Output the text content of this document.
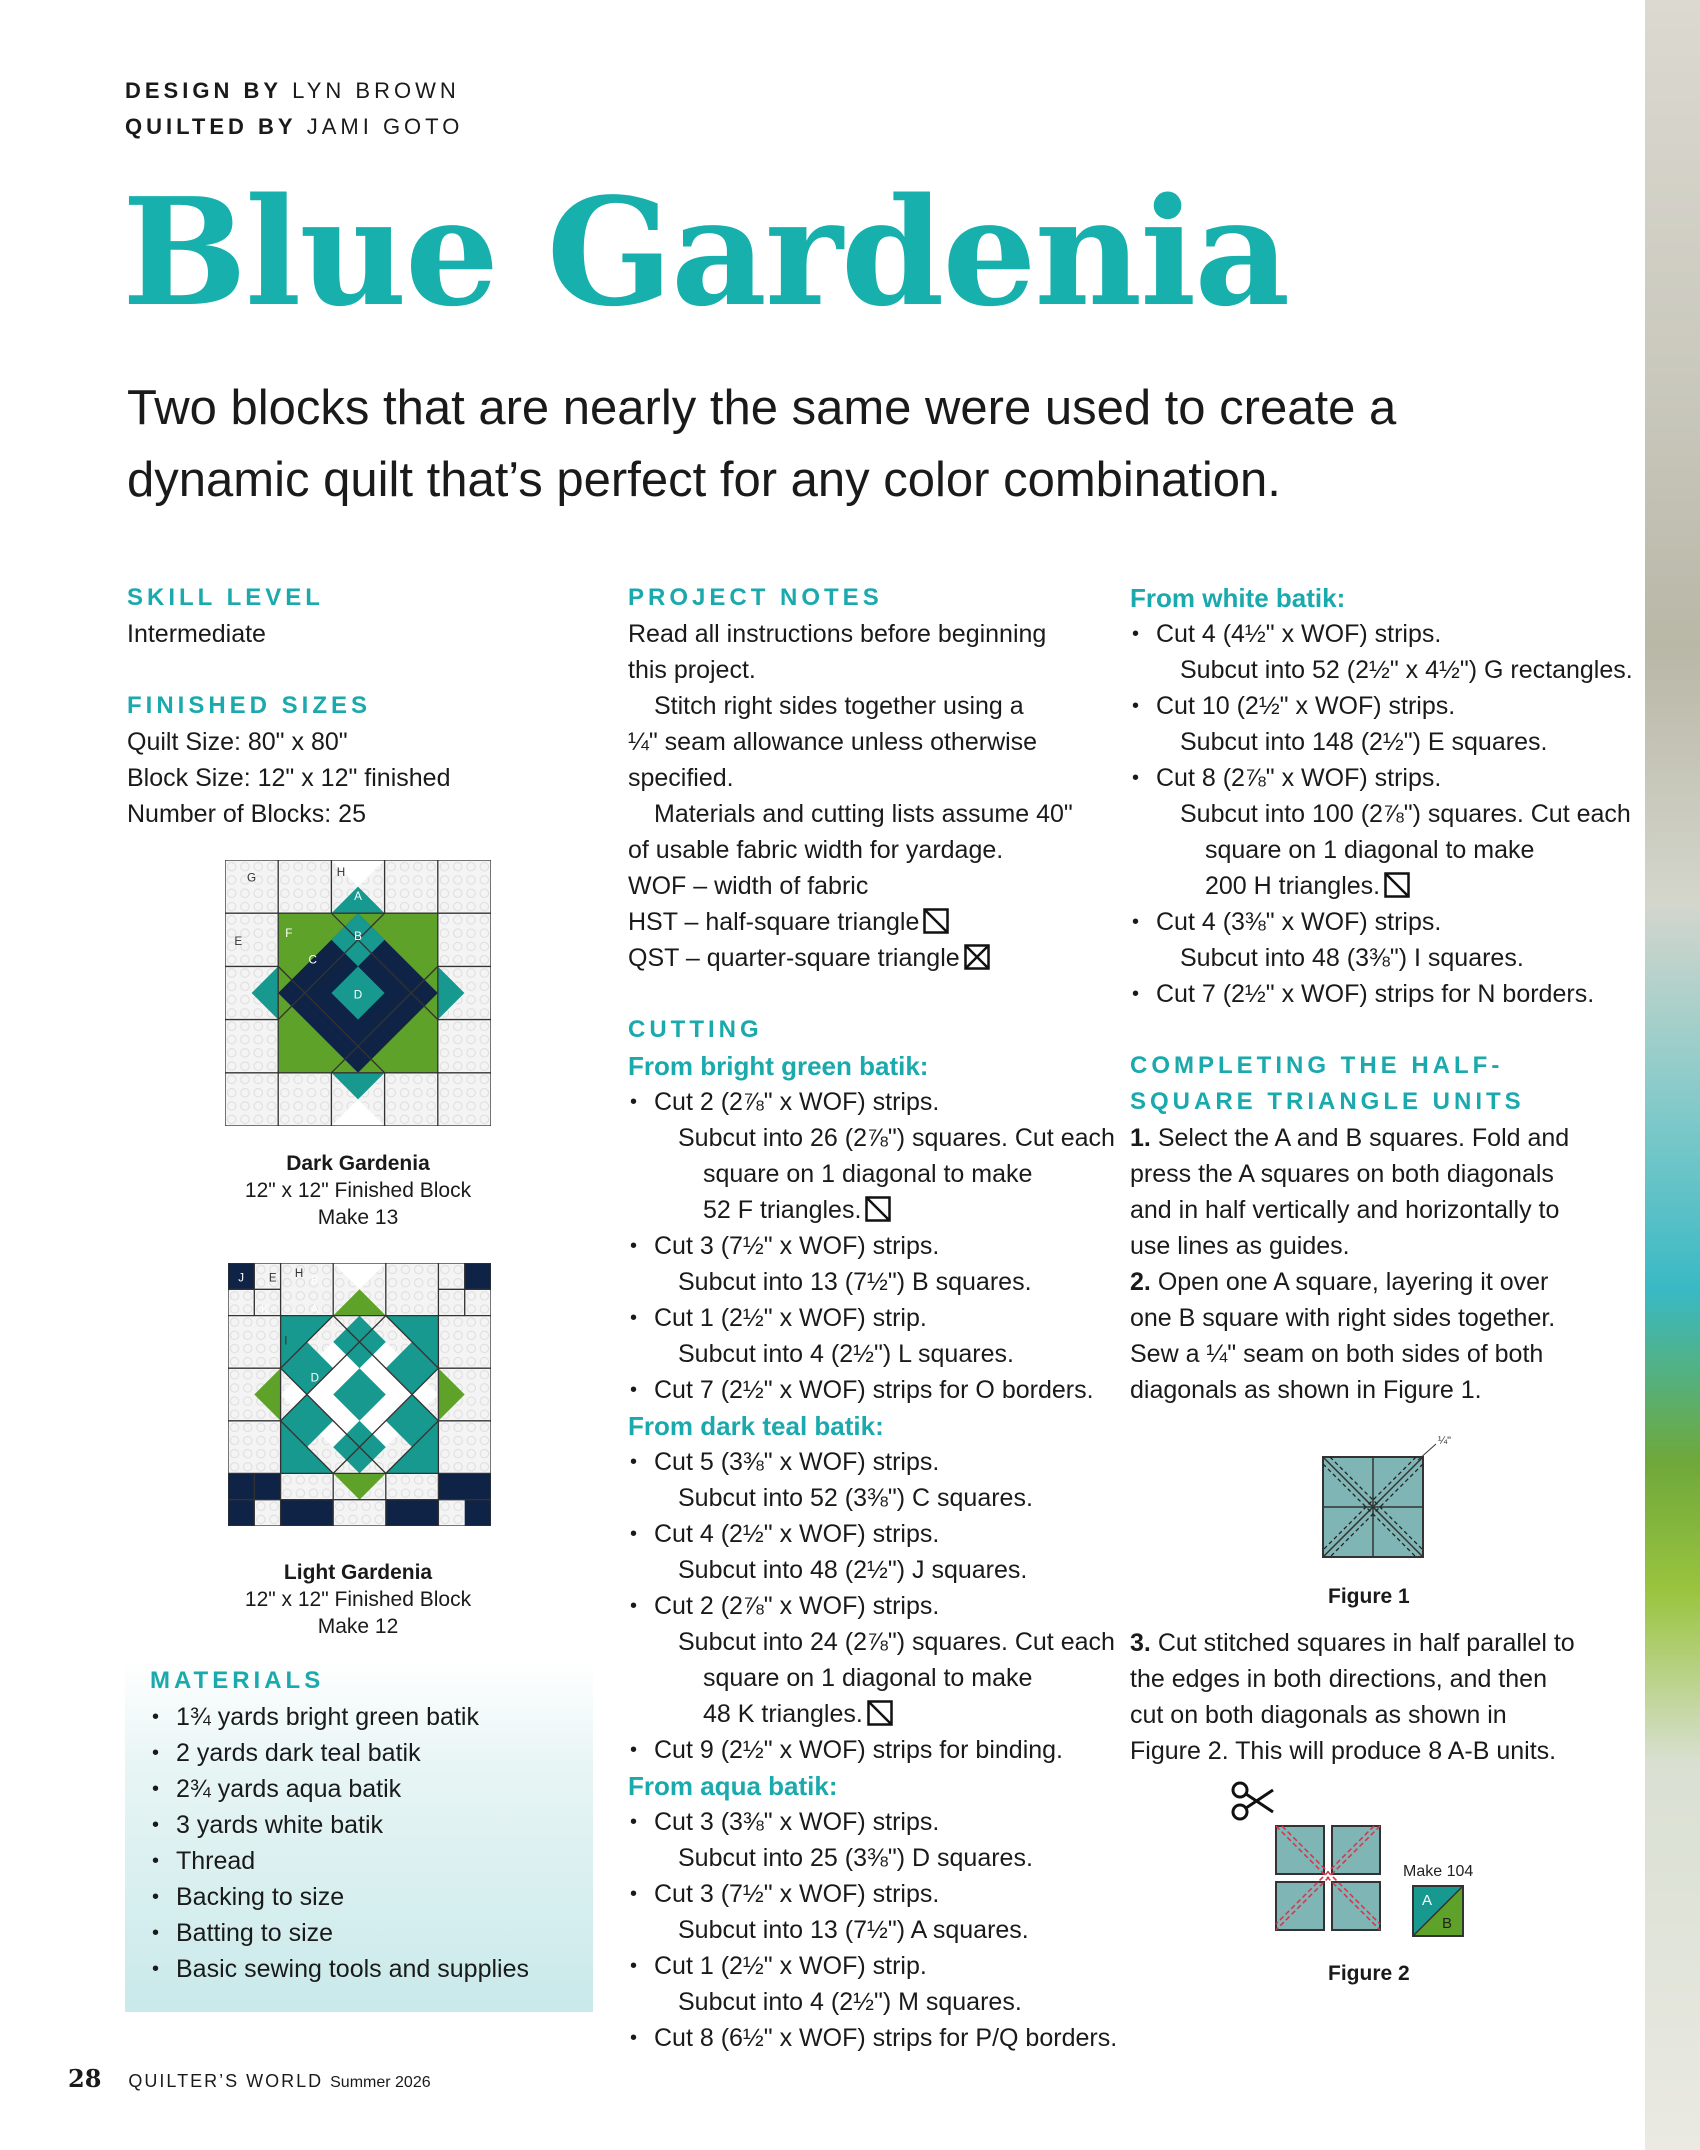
DESIGN BY LYN BROWN
QUILTED BY JAMI GOTO
Blue Gardenia
Two blocks that are nearly the same were used to create a dynamic quilt that’s perfect for any color combination.
SKILL LEVEL
Intermediate
FINISHED SIZES
Quilt Size: 80" x 80"
Block Size: 12" x 12" finished
Number of Blocks: 25
Dark Gardenia
12" x 12" Finished Block
Make 13
Light Gardenia
12" x 12" Finished Block
Make 12
MATERIALS
• 1¾ yards bright green batik
• 2 yards dark teal batik
• 2¾ yards aqua batik
• 3 yards white batik
• Thread
• Backing to size
• Batting to size
• Basic sewing tools and supplies
PROJECT NOTES
Read all instructions before beginning
this project.
Stitch right sides together using a
¼" seam allowance unless otherwise
specified.
Materials and cutting lists assume 40"
of usable fabric width for yardage.
WOF – width of fabric
HST – half-square triangle
QST – quarter-square triangle
CUTTING
From bright green batik:
• Cut 2 (2⅞" x WOF) strips.
Subcut into 26 (2⅞") squares. Cut each
square on 1 diagonal to make
52 F triangles.
• Cut 3 (7½" x WOF) strips.
Subcut into 13 (7½") B squares.
• Cut 1 (2½" x WOF) strip.
Subcut into 4 (2½") L squares.
• Cut 7 (2½" x WOF) strips for O borders.
From dark teal batik:
• Cut 5 (3⅜" x WOF) strips.
Subcut into 52 (3⅜") C squares.
• Cut 4 (2½" x WOF) strips.
Subcut into 48 (2½") J squares.
• Cut 2 (2⅞" x WOF) strips.
Subcut into 24 (2⅞") squares. Cut each
square on 1 diagonal to make
48 K triangles.
• Cut 9 (2½" x WOF) strips for binding.
From aqua batik:
• Cut 3 (3⅜" x WOF) strips.
Subcut into 25 (3⅜") D squares.
• Cut 3 (7½" x WOF) strips.
Subcut into 13 (7½") A squares.
• Cut 1 (2½" x WOF) strip.
Subcut into 4 (2½") M squares.
• Cut 8 (6½" x WOF) strips for P/Q borders.
From white batik:
• Cut 4 (4½" x WOF) strips.
Subcut into 52 (2½" x 4½") G rectangles.
• Cut 10 (2½" x WOF) strips.
Subcut into 148 (2½") E squares.
• Cut 8 (2⅞" x WOF) strips.
Subcut into 100 (2⅞") squares. Cut each
square on 1 diagonal to make
200 H triangles.
• Cut 4 (3⅜" x WOF) strips.
Subcut into 48 (3⅜") I squares.
• Cut 7 (2½" x WOF) strips for N borders.
COMPLETING THE HALF-
SQUARE TRIANGLE UNITS
1. Select the A and B squares. Fold and
press the A squares on both diagonals
and in half vertically and horizontally to
use lines as guides.
2. Open one A square, layering it over
one B square with right sides together.
Sew a ¼" seam on both sides of both
diagonals as shown in Figure 1.
¼"
Figure 1
3. Cut stitched squares in half parallel to
the edges in both directions, and then
cut on both diagonals as shown in
Figure 2. This will produce 8 A-B units.
Make 104
A
B
Figure 2
28 QUILTER’S WORLD Summer 2026
